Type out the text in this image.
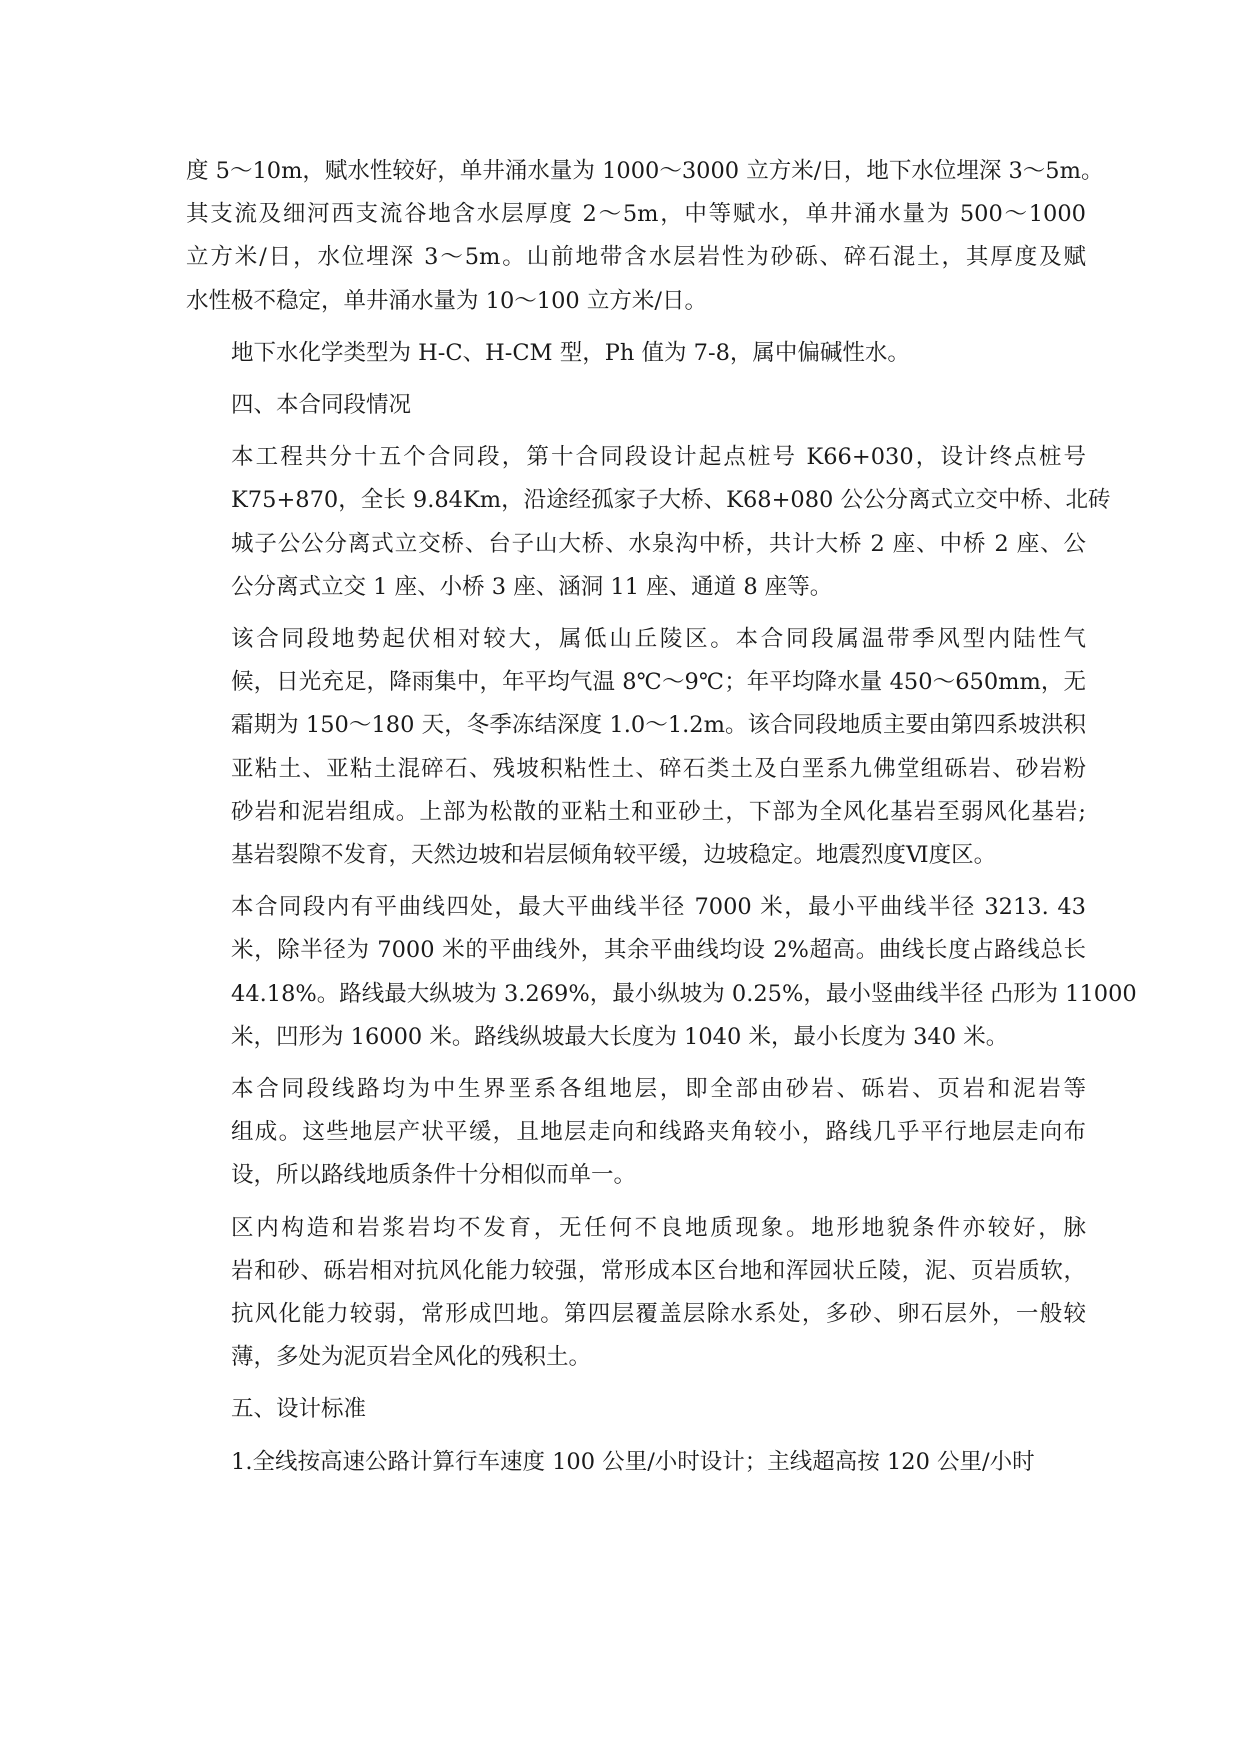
度 5～10m，赋水性较好，单井涌水量为 1000～3000 立方米/日，地下水位埋深 3～5m。
其支流及细河西支流谷地含水层厚度 2～5m，中等赋水，单井涌水量为 500～1000
立方米/日，水位埋深 3～5m。山前地带含水层岩性为砂砾、碎石混土，其厚度及赋
水性极不稳定，单井涌水量为 10～100 立方米/日。

地下水化学类型为 H-C、H-CM 型，Ph 值为 7-8，属中偏碱性水。

四、本合同段情况

本工程共分十五个合同段，第十合同段设计起点桩号 K66+030，设计终点桩号
K75+870，全长 9.84Km，沿途经孤家子大桥、K68+080 公公分离式立交中桥、北砖
城子公公分离式立交桥、台子山大桥、水泉沟中桥，共计大桥 2 座、中桥 2 座、公
公分离式立交 1 座、小桥 3 座、涵洞 11 座、通道 8 座等。

该合同段地势起伏相对较大，属低山丘陵区。本合同段属温带季风型内陆性气
候，日光充足，降雨集中，年平均气温 8℃～9℃；年平均降水量 450～650mm，无
霜期为 150～180 天，冬季冻结深度 1.0～1.2m。该合同段地质主要由第四系坡洪积
亚粘土、亚粘土混碎石、残坡积粘性土、碎石类土及白垩系九佛堂组砾岩、砂岩粉
砂岩和泥岩组成。上部为松散的亚粘土和亚砂土，下部为全风化基岩至弱风化基岩;
基岩裂隙不发育，天然边坡和岩层倾角较平缓，边坡稳定。地震烈度Ⅵ度区。

本合同段内有平曲线四处，最大平曲线半径 7000 米，最小平曲线半径 3213. 43
米，除半径为 7000 米的平曲线外，其余平曲线均设 2%超高。曲线长度占路线总长
44.18%。路线最大纵坡为 3.269%，最小纵坡为 0.25%，最小竖曲线半径 凸形为 11000
米，凹形为 16000 米。路线纵坡最大长度为 1040 米，最小长度为 340 米。

本合同段线路均为中生界垩系各组地层，即全部由砂岩、砾岩、页岩和泥岩等
组成。这些地层产状平缓，且地层走向和线路夹角较小，路线几乎平行地层走向布
设，所以路线地质条件十分相似而单一。

区内构造和岩浆岩均不发育，无任何不良地质现象。地形地貌条件亦较好，脉
岩和砂、砾岩相对抗风化能力较强，常形成本区台地和浑园状丘陵，泥、页岩质软，
抗风化能力较弱，常形成凹地。第四层覆盖层除水系处，多砂、卵石层外，一般较
薄，多处为泥页岩全风化的残积土。

五、设计标准

1.全线按高速公路计算行车速度 100 公里/小时设计；主线超高按 120 公里/小时
